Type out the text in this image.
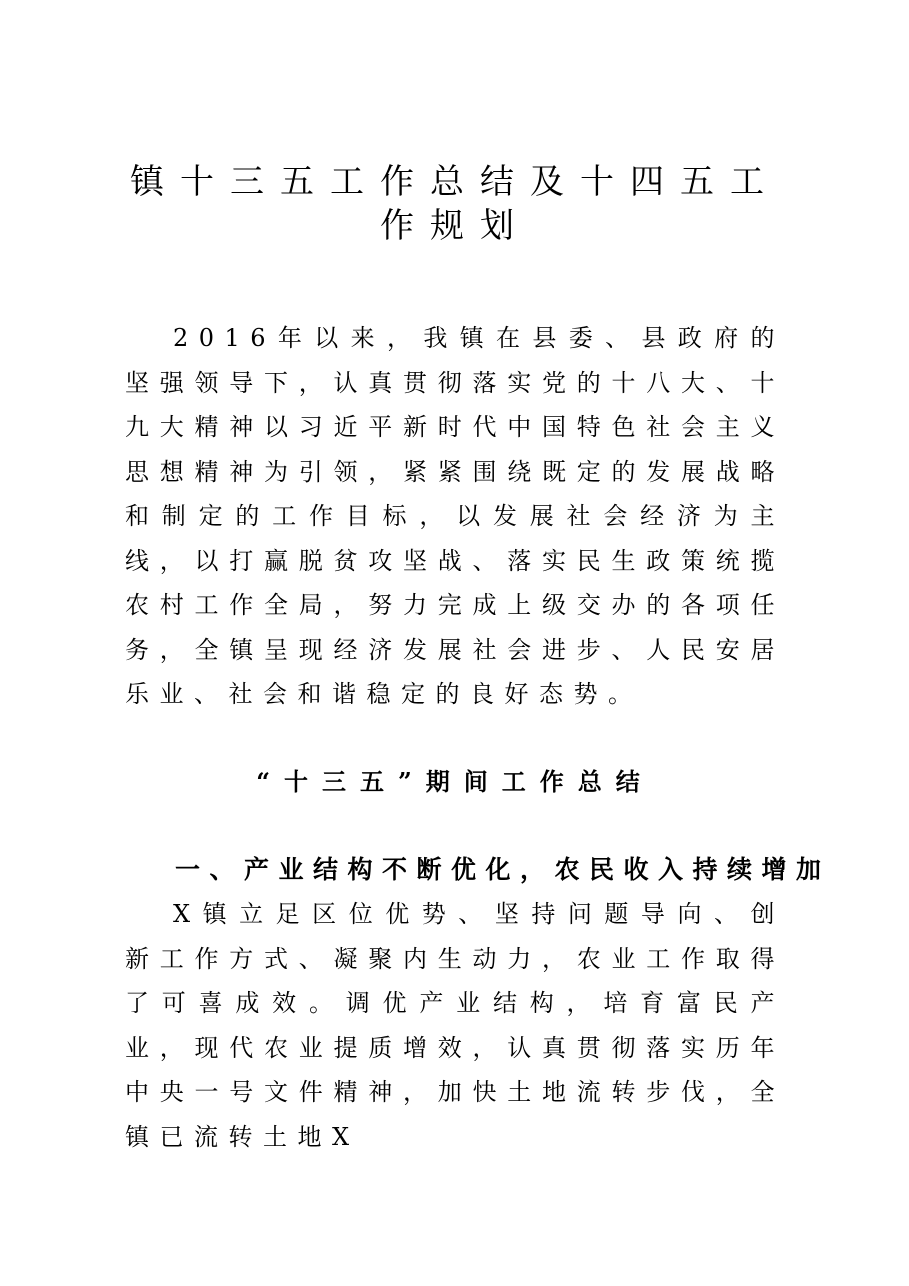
镇十三五工作总结及十四五工
作规划

2016年以来，我镇在县委、县政府的坚强领导下，认真贯彻落实党的十八大、十九大精神以习近平新时代中国特色社会主义思想精神为引领，紧紧围绕既定的发展战略和制定的工作目标，以发展社会经济为主线，以打赢脱贫攻坚战、落实民生政策统揽农村工作全局，努力完成上级交办的各项任务，全镇呈现经济发展社会进步、人民安居乐业、社会和谐稳定的良好态势。

“十三五”期间工作总结
一、产业结构不断优化，农民收入持续增加

X镇立足区位优势、坚持问题导向、创新工作方式、凝聚内生动力，农业工作取得了可喜成效。调优产业结构，培育富民产业，现代农业提质增效，认真贯彻落实历年中央一号文件精神，加快土地流转步伐，全镇已流转土地X
